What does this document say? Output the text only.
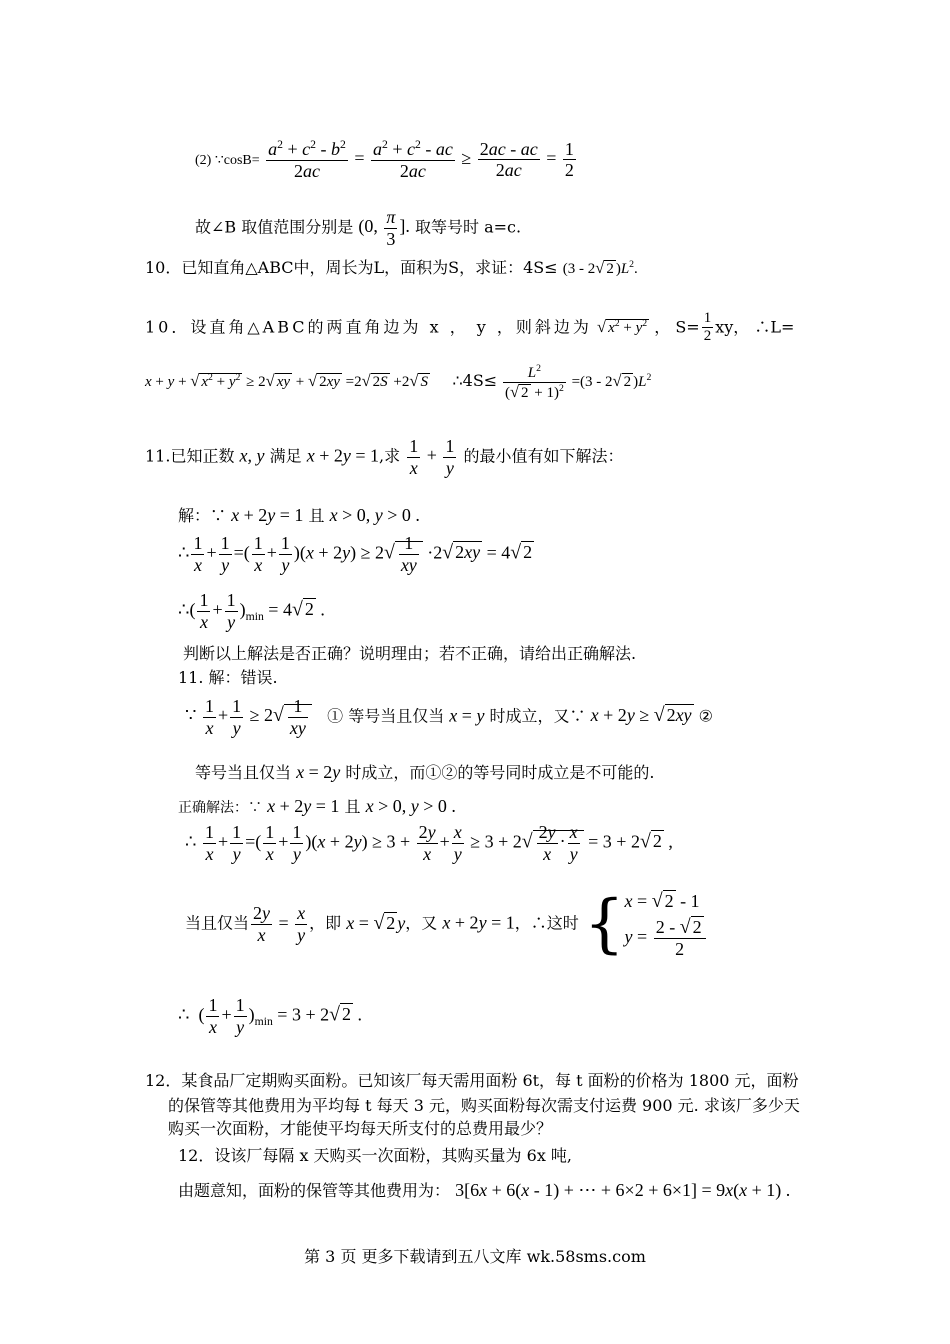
(2) ∵cosB= $\frac{a^2 + c^2 - b^2}{2ac} = \frac{a^2 + c^2 - ac}{2ac} \ge \frac{2ac - ac}{2ac} = \frac{1}{2}$
故∠B 取值范围分别是 (0, $\frac{\pi}{3}$ ]. 取等号时 a=c.
10．已知直角△ABC中，周长为L，面积为S，求证：4S≤ (3 - 2√ 2 )$L^2$.
10．设直角△ABC的两直角边为 x ， y ，则斜边为 √ $x^2 + y^2$ ， $S= \frac{1}{2}$ xy， ∴L=
x + y + √ $x^2 + y^2 \ge 2√$ xy + √ 2xy =2√ 2S +2√ S ∴4S≤ $\frac{L^2}{(√ 2 + 1)^2} =(3 - 2√$ 2 )$L^2$
11.已知正数 x, y 满足 x + 2y = 1,求 $\frac{1}{x} + \frac{1}{y}$ 的最小值有如下解法：
解：∵ x + 2y = 1 且 x > 0, y > 0 .
∴ $\frac{1}{x} + \frac{1}{y}$ =( $\frac{1}{x} + \frac{1}{y} )(x + 2y) \ge 2√ \frac{1}{xy} \cdot 2√$ 2xy = 4√ 2
∴( $\frac{1}{x} + \frac{1}{y} )_{min} = 4√$ 2 .
判断以上解法是否正确？说明理由；若不正确，请给出正确解法.
11. 解：错误.
∵ $\frac{1}{x} + \frac{1}{y} \ge 2√ \frac{1}{xy}$ ① 等号当且仅当 x = y 时成立，又∵ x + 2y ≥ √ 2xy ②
等号当且仅当 x = 2y 时成立，而①②的等号同时成立是不可能的.
正确解法：∵ x + 2y = 1 且 x > 0, y > 0 .
∴ $\frac{1}{x} + \frac{1}{y}$ =( $\frac{1}{x} + \frac{1}{y} )(x + 2y) \ge 3 + \frac{2y}{x} + \frac{x}{y} \ge 3 + 2√ \frac{2y}{x} \cdot \frac{x}{y} = 3 + 2√$ 2 ,
当且仅当 $\frac{2y}{x} = \frac{x}{y}$ ，即 x = √ 2 y，又 x + 2y = 1，∴这时 { x = √ 2 - 1
$y = \frac{2 - √ 2}{2}$
∴  ( $\frac{1}{x} + \frac{1}{y} )_{min} = 3 + 2√$ 2 .
12．某食品厂定期购买面粉。已知该厂每天需用面粉 6t，每 t 面粉的价格为 1800 元，面粉
的保管等其他费用为平均每 t 每天 3 元，购买面粉每次需支付运费 900 元. 求该厂多少天
购买一次面粉，才能使平均每天所支付的总费用最少？
12．设该厂每隔 x 天购买一次面粉，其购买量为 6x 吨,
由题意知，面粉的保管等其他费用为： 3[6x + 6(x - 1) + ⋯ + 6×2 + 6×1] = 9x(x + 1) .
第 3 页 更多下载请到五八文库 wk.58sms.com
